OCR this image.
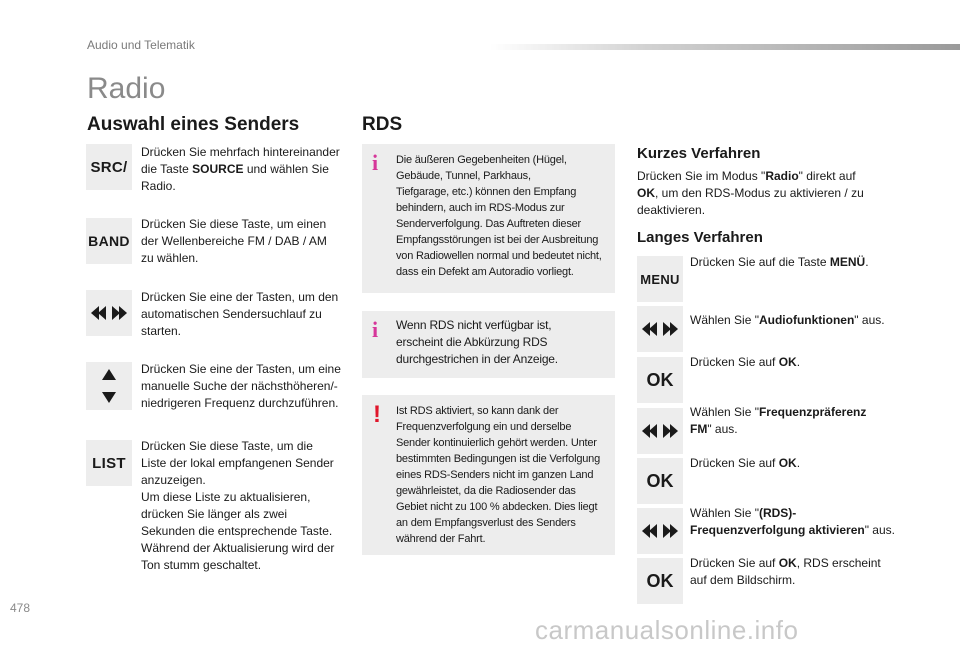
Audio und Telematik
Radio
Auswahl eines Senders
SRC/
Drücken Sie mehrfach hintereinander
die Taste SOURCE und wählen Sie
Radio.
BAND
Drücken Sie diese Taste, um einen
der Wellenbereiche FM / DAB / AM
zu wählen.
Drücken Sie eine der Tasten, um den
automatischen Sendersuchlauf zu
starten.
Drücken Sie eine der Tasten, um eine
manuelle Suche der nächsthöheren/-
niedrigeren Frequenz durchzuführen.
LIST
Drücken Sie diese Taste, um die
Liste der lokal empfangenen Sender
anzuzeigen.
Um diese Liste zu aktualisieren,
drücken Sie länger als zwei
Sekunden die entsprechende Taste.
Während der Aktualisierung wird der
Ton stumm geschaltet.
RDS
i Die äußeren Gegebenheiten (Hügel,
Gebäude, Tunnel, Parkhaus,
Tiefgarage, etc.) können den Empfang
behindern, auch im RDS-Modus zur
Senderverfolgung. Das Auftreten dieser
Empfangsstörungen ist bei der Ausbreitung
von Radiowellen normal und bedeutet nicht,
dass ein Defekt am Autoradio vorliegt.
i Wenn RDS nicht verfügbar ist,
erscheint die Abkürzung RDS
durchgestrichen in der Anzeige.
! Ist RDS aktiviert, so kann dank der
Frequenzverfolgung ein und derselbe
Sender kontinuierlich gehört werden. Unter
bestimmten Bedingungen ist die Verfolgung
eines RDS-Senders nicht im ganzen Land
gewährleistet, da die Radiosender das
Gebiet nicht zu 100 % abdecken. Dies liegt
an dem Empfangsverlust des Senders
während der Fahrt.
Kurzes Verfahren
Drücken Sie im Modus "Radio" direkt auf
OK, um den RDS-Modus zu aktivieren / zu
deaktivieren.
Langes Verfahren
MENU
Drücken Sie auf die Taste MENÜ.
Wählen Sie "Audiofunktionen" aus.
OK
Drücken Sie auf OK.
Wählen Sie "Frequenzpräferenz
FM" aus.
OK
Drücken Sie auf OK.
Wählen Sie "(RDS)-
Frequenzverfolgung aktivieren" aus.
OK
Drücken Sie auf OK, RDS erscheint
auf dem Bildschirm.
478
carmanualsonline.info
